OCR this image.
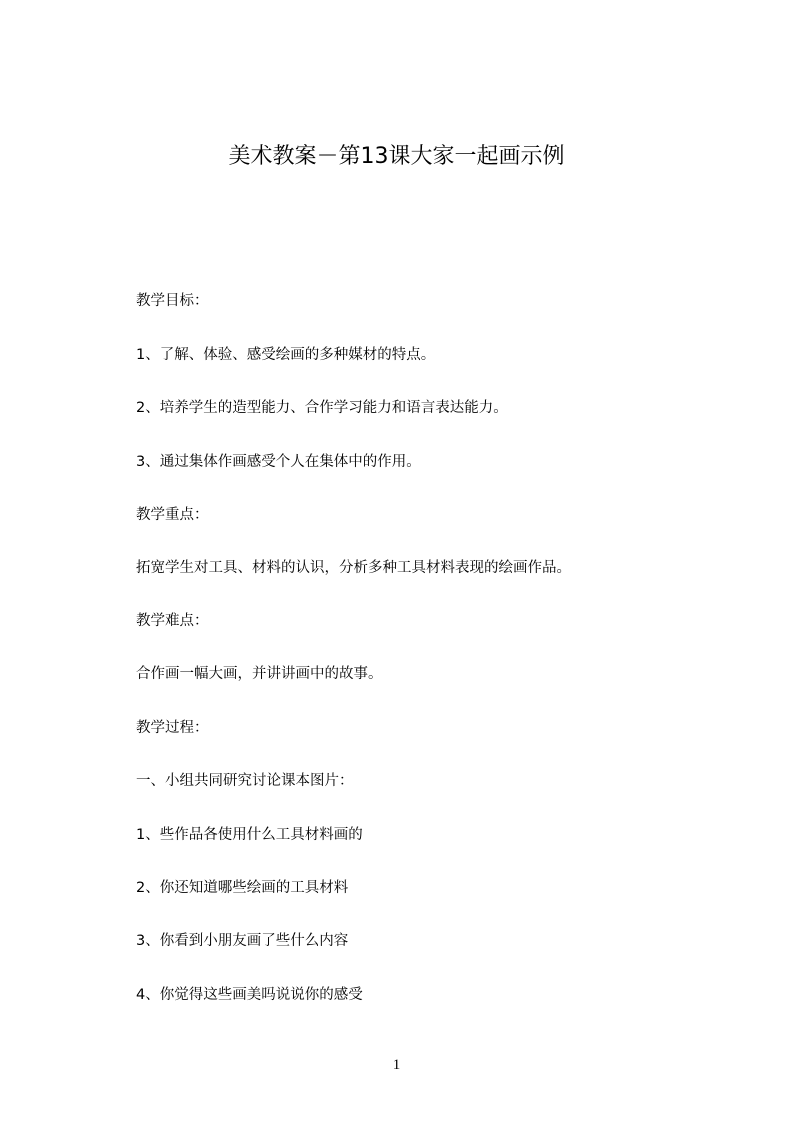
美术教案－第13课大家一起画示例
教学目标：
1、了解、体验、感受绘画的多种媒材的特点。
2、培养学生的造型能力、合作学习能力和语言表达能力。
3、通过集体作画感受个人在集体中的作用。
教学重点：
拓宽学生对工具、材料的认识，分析多种工具材料表现的绘画作品。
教学难点：
合作画一幅大画，并讲讲画中的故事。
教学过程：
一、小组共同研究讨论课本图片：
1、些作品各使用什么工具材料画的
2、你还知道哪些绘画的工具材料
3、你看到小朋友画了些什么内容
4、你觉得这些画美吗说说你的感受
1
